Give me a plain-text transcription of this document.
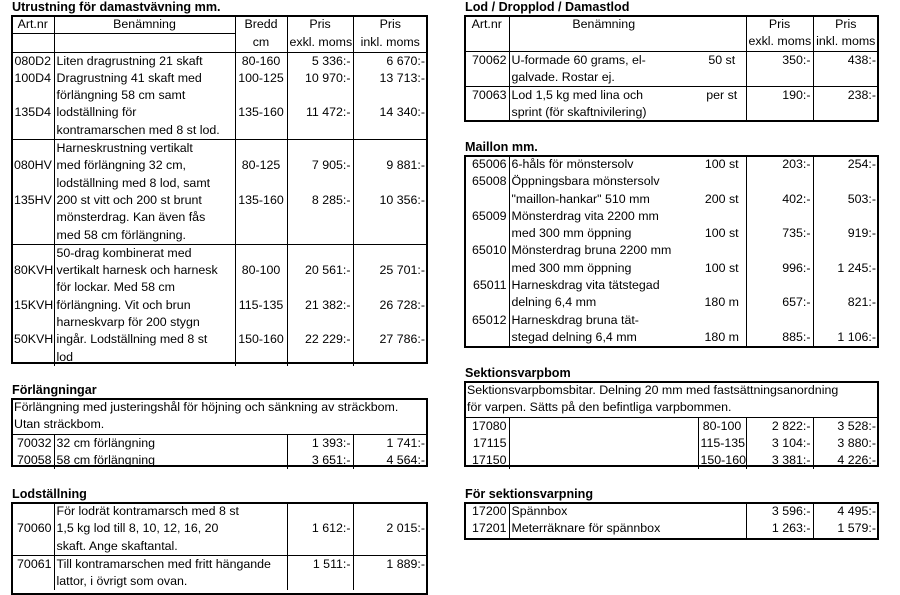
Utrustning för damastvävning mm.
Art.nr	Benämning	Bredd	Pris	Pris
		cm	exkl. moms	inkl. moms
080D2	Liten dragrustning 21 skaft	80-160	5 336:-	6 670:-
100D4	Dragrustning 41 skaft med	100-125	10 970:-	13 713:-
	förlängning 58 cm samt			
135D4	lodställning för	135-160	11 472:-	14 340:-
	kontramarschen med 8 st lod.			
	Harneskrustning vertikalt			
080HV	med förlängning 32 cm,	80-125	7 905:-	9 881:-
	lodställning med 8 lod, samt			
135HV	200 st vitt och 200 st brunt	135-160	8 285:-	10 356:-
	mönsterdrag. Kan även fås			
	med 58 cm förlängning.			
	50-drag kombinerat med			
80KVH	vertikalt harnesk och harnesk	80-100	20 561:-	25 701:-
	för lockar. Med 58 cm			
15KVH	förlängning. Vit och brun	115-135	21 382:-	26 728:-
	harneskvarp för 200 stygn			
50KVH	ingår. Lodställning med 8 st	150-160	22 229:-	27 786:-
	lod			
Förlängningar
Förlängning med justeringshål för höjning och sänkning av sträckbom.			
Utan sträckbom.			
70032	32 cm förlängning	1 393:-	1 741:-
70058	58 cm förlängning	3 651:-	4 564:-
Lodställning
	För lodrät kontramarsch med 8 st		
70060	1,5 kg lod till 8, 10, 12, 16, 20	1 612:-	2 015:-
	skaft. Ange skaftantal.		
70061	Till kontramarschen med fritt hängande	1 511:-	1 889:-
	lattor, i övrigt som ovan.		
Lod / Dropplod / Damastlod
Art.nr	Benämning		Pris	Pris
			exkl. moms	inkl. moms
70062	U-formade 60 grams, el-	50 st	350:-	438:-
	galvade. Rostar ej.			
70063	Lod 1,5 kg med lina och	per st	190:-	238:-
	sprint (för skaftnivilering)			
Maillon mm.
65006	6-håls för mönstersolv	100 st	203:-	254:-
65008	Öppningsbara mönstersolv			
	"maillon-hankar" 510 mm	200 st	402:-	503:-
65009	Mönsterdrag vita 2200 mm			
	med 300 mm öppning	100 st	735:-	919:-
65010	Mönsterdrag bruna 2200 mm			
	med 300 mm öppning	100 st	996:-	1 245:-
65011	Harneskdrag vita tätstegad			
	delning 6,4 mm	180 m	657:-	821:-
65012	Harneskdrag bruna tät-			
	stegad delning 6,4 mm	180 m	885:-	1 106:-
Sektionsvarpbom
Sektionsvarpbomsbitar. Delning 20 mm med fastsättningsanordning				
för varpen. Sätts på den befintliga varpbommen.				
17080		80-100	2 822:-	3 528:-
17115		115-135	3 104:-	3 880:-
17150		150-160	3 381:-	4 226:-
För sektionsvarpning
17200	Spännbox	3 596:-	4 495:-
17201	Meterräknare för spännbox	1 263:-	1 579:-
